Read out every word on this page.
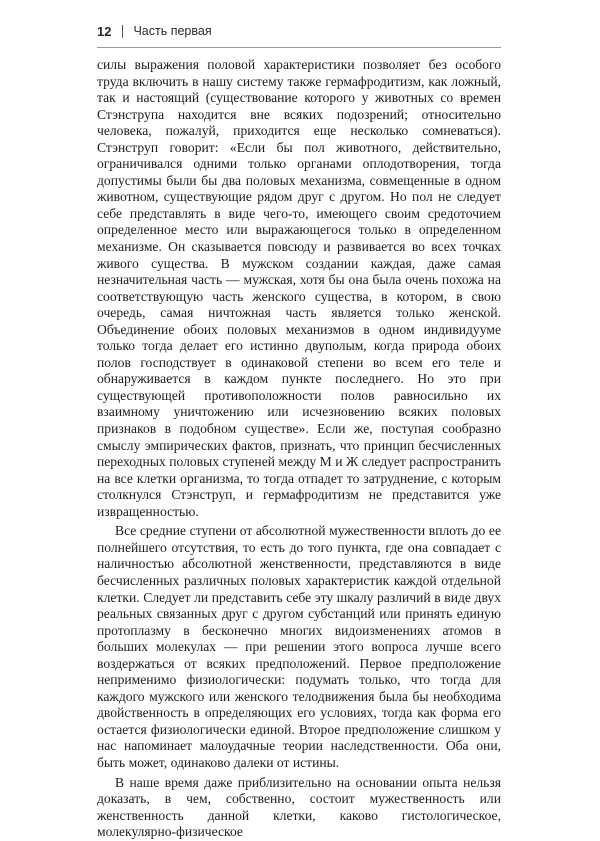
12 Часть первая

силы выражения половой характеристики позволяет без особого труда включить в нашу систему также гермафродитизм, как ложный, так и настоящий (существование которого у животных со времен Стэнструпа находится вне всяких подозрений; относительно человека, пожалуй, приходится еще несколько сомневаться). Стэнструп говорит: «Если бы пол животного, действительно, ограничивался одними только органами оплодотворения, тогда допустимы были бы два половых механизма, совмещенные в одном животном, существующие рядом друг с другом. Но пол не следует себе представлять в виде чего-то, имеющего своим средоточием определенное место или выражающегося только в определенном механизме. Он сказывается повсюду и развивается во всех точках живого существа. В мужском создании каждая, даже самая незначительная часть — мужская, хотя бы она была очень похожа на соответствующую часть женского существа, в котором, в свою очередь, самая ничтожная часть является только женской. Объединение обоих половых механизмов в одном индивидууме только тогда делает его истинно двуполым, когда природа обоих полов господствует в одинаковой степени во всем его теле и обнаруживается в каждом пункте последнего. Но это при существующей противоположности полов равносильно их взаимному уничтожению или исчезновению всяких половых признаков в подобном существе». Если же, поступая сообразно смыслу эмпирических фактов, признать, что принцип бесчисленных переходных половых ступеней между М и Ж следует распространить на все клетки организма, то тогда отпадет то затруднение, с которым столкнулся Стэнструп, и гермафродитизм не представится уже извращенностью.

Все средние ступени от абсолютной мужественности вплоть до ее полнейшего отсутствия, то есть до того пункта, где она совпадает с наличностью абсолютной женственности, представляются в виде бесчисленных различных половых характеристик каждой отдельной клетки. Следует ли представить себе эту шкалу различий в виде двух реальных связанных друг с другом субстанций или принять единую протоплазму в бесконечно многих видоизменениях атомов в больших молекулах — при решении этого вопроса лучше всего воздержаться от всяких предположений. Первое предположение неприменимо физиологически: подумать только, что тогда для каждого мужского или женского телодвижения была бы необходима двойственность в определяющих его условиях, тогда как форма его остается физиологически единой. Второе предположение слишком у нас напоминает малоудачные теории наследственности. Оба они, быть может, одинаково далеки от истины.

В наше время даже приблизительно на основании опыта нельзя доказать, в чем, собственно, состоит мужественность или женственность данной клетки, каково гистологическое, молекулярно-физическое
